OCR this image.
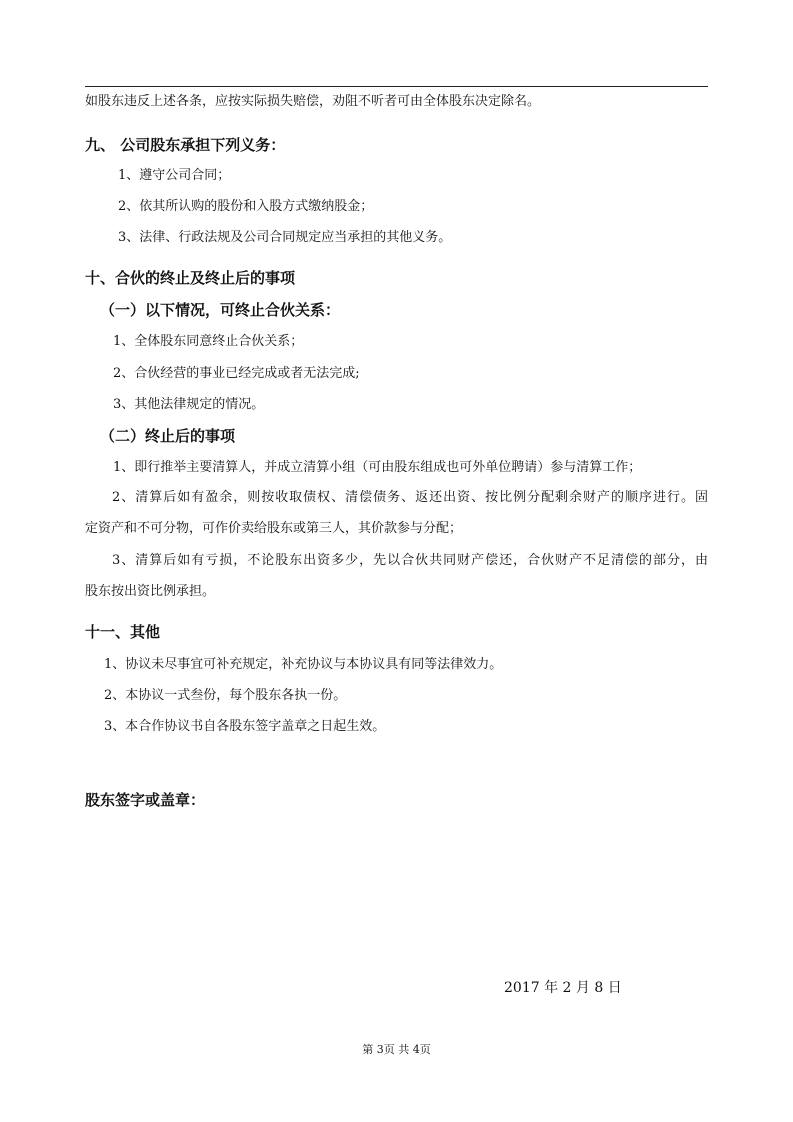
如股东违反上述各条，应按实际损失赔偿，劝阻不听者可由全体股东决定除名。
九、 公司股东承担下列义务：
1、遵守公司合同；
2、依其所认购的股份和入股方式缴纳股金；
3、法律、行政法规及公司合同规定应当承担的其他义务。
十、合伙的终止及终止后的事项
（一）以下情况，可终止合伙关系：
1、全体股东同意终止合伙关系；
2、合伙经营的事业已经完成或者无法完成;
3、其他法律规定的情况。
（二）终止后的事项
1、即行推举主要清算人，并成立清算小组（可由股东组成也可外单位聘请）参与清算工作；
2、清算后如有盈余，则按收取债权、清偿债务、返还出资、按比例分配剩余财产的顺序进行。固
定资产和不可分物，可作价卖给股东或第三人，其价款参与分配；
3、清算后如有亏损，不论股东出资多少，先以合伙共同财产偿还，合伙财产不足清偿的部分，由
股东按出资比例承担。
十一、其他
1、协议未尽事宜可补充规定，补充协议与本协议具有同等法律效力。
2、本协议一式叁份，每个股东各执一份。
3、本合作协议书自各股东签字盖章之日起生效。
股东签字或盖章：
2017 年 2 月 8 日
第 3页 共 4页
